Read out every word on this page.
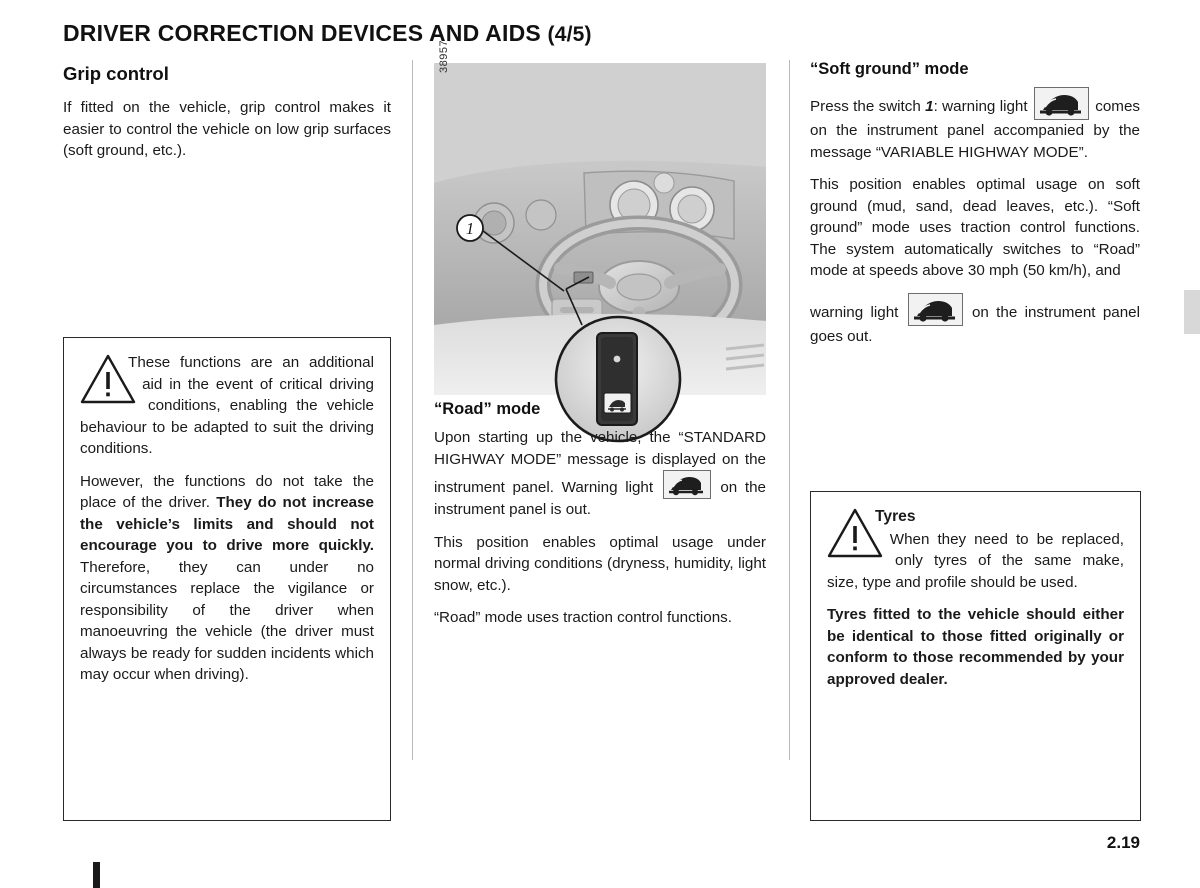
DRIVER CORRECTION DEVICES AND AIDS (4/5)
Grip control

If fitted on the vehicle, grip control makes it easier to control the vehicle on low grip surfaces (soft ground, etc.).

These functions are an additional aid in the event of critical driving conditions, enabling the vehicle behaviour to be adapted to suit the driving conditions.

However, the functions do not take the place of the driver. They do not increase the vehicle’s limits and should not encourage you to drive more quickly. Therefore, they can under no circumstances replace the vigilance or responsibility of the driver when manoeuvring the vehicle (the driver must always be ready for sudden incidents which may occur when driving).

1
38957
“Road” mode

Upon starting up the vehicle, the “STANDARD HIGHWAY MODE” message is displayed on the instrument panel. Warning light	on the instrument panel is out.

This position enables optimal usage under normal driving conditions (dryness, humidity, light snow, etc.).

“Road” mode uses traction control functions.

“Soft ground” mode

Press the switch 1: warning light	comes on the instrument panel accompanied by the message “VARIABLE HIGHWAY MODE”.

This position enables optimal usage on soft ground (mud, sand, dead leaves, etc.). “Soft ground” mode uses traction control functions. The system automatically switches to “Road” mode at speeds above 30 mph (50 km/h), and

warning light	on the instrument panel goes out.

Tyres

When they need to be replaced, only tyres of the same make, size, type and profile should be used.

Tyres fitted to the vehicle should either be identical to those fitted originally or conform to those recommended by your approved dealer.

2.19
